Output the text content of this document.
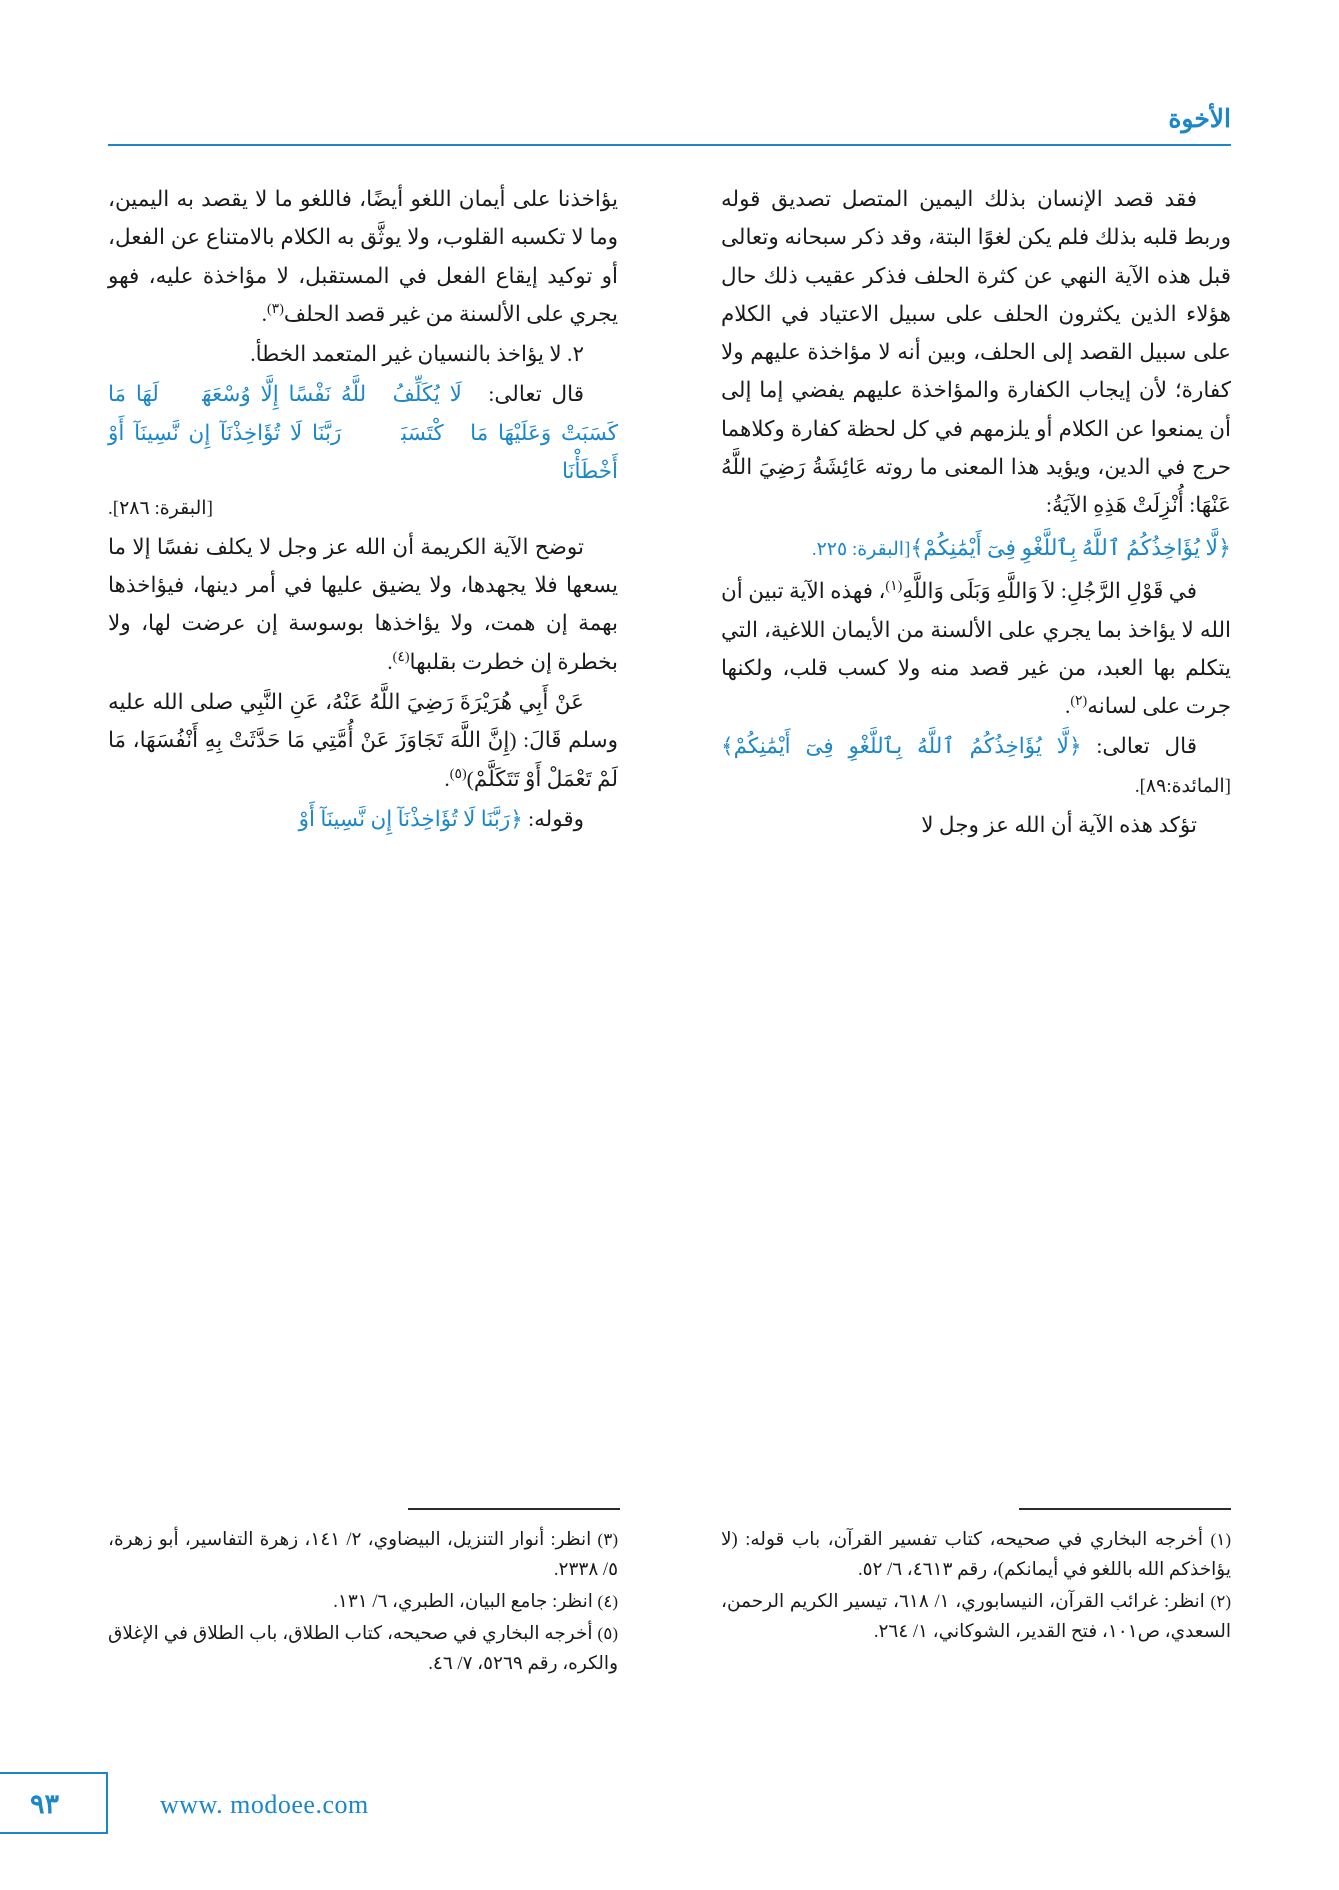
الأخوة

فقد قصد الإنسان بذلك اليمين المتصل تصديق قوله وربط قلبه بذلك فلم يكن لغوًا البتة، وقد ذكر سبحانه وتعالى قبل هذه الآية النهي عن كثرة الحلف فذكر عقيب ذلك حال هؤلاء الذين يكثرون الحلف على سبيل الاعتياد في الكلام على سبيل القصد إلى الحلف، وبين أنه لا مؤاخذة عليهم ولا كفارة؛ لأن إيجاب الكفارة والمؤاخذة عليهم يفضي إما إلى أن يمنعوا عن الكلام أو يلزمهم في كل لحظة كفارة وكلاهما حرج في الدين، ويؤيد هذا المعنى ما روته عَائِشَةُ رَضِيَ اللَّهُ عَنْهَا: أُنْزِلَتْ هَذِهِ الآيَةُ:

﴿لَّا يُؤَاخِذُكُمُ ٱللَّهُ بِٱللَّغْوِ فِىٓ أَيْمَٰنِكُمْ﴾[البقرة: ٢٢٥.

في قَوْلِ الرَّجُلِ: لاَ وَاللَّهِ وَبَلَى وَاللَّهِ$^{(١)}$، فهذه الآية تبين أن الله لا يؤاخذ بما يجري على الألسنة من الأيمان اللاغية، التي يتكلم بها العبد، من غير قصد منه ولا كسب قلب، ولكنها جرت على لسانه$^{(٢)}$.

قال تعالى: ﴿لَّا يُؤَاخِذُكُمُ ٱللَّهُ بِٱللَّغْوِ فِىٓ أَيْمَٰنِكُمْ﴾ [المائدة:٨٩].

تؤكد هذه الآية أن الله عز وجل لا

يؤاخذنا على أيمان اللغو أيضًا، فاللغو ما لا يقصد به اليمين، وما لا تكسبه القلوب، ولا يوثَّق به الكلام بالامتناع عن الفعل، أو توكيد إيقاع الفعل في المستقبل، لا مؤاخذة عليه، فهو يجري على الألسنة من غير قصد الحلف$^{(٣)}$.

٢. لا يؤاخذ بالنسيان غير المتعمد الخطأ.

قال تعالى: ﴿لَا يُكَلِّفُ ٱللَّهُ نَفْسًا إِلَّا وُسْعَهَاۚ لَهَا مَا كَسَبَتْ وَعَلَيْهَا مَا ٱكْتَسَبَتْۗ رَبَّنَا لَا تُؤَاخِذْنَآ إِن نَّسِينَآ أَوْ أَخْطَأْنَا﴾

[البقرة: ٢٨٦].

توضح الآية الكريمة أن الله عز وجل لا يكلف نفسًا إلا ما يسعها فلا يجهدها، ولا يضيق عليها في أمر دينها، فيؤاخذها بهمة إن همت، ولا يؤاخذها بوسوسة إن عرضت لها، ولا بخطرة إن خطرت بقلبها$^{(٤)}$.

عَنْ أَبِي هُرَيْرَةَ رَضِيَ اللَّهُ عَنْهُ، عَنِ النَّبِي صلى الله عليه وسلم قَالَ: (إِنَّ اللَّهَ تَجَاوَزَ عَنْ أُمَّتِي مَا حَدَّثَتْ بِهِ أَنْفُسَهَا، مَا لَمْ تَعْمَلْ أَوْ تَتَكَلَّمْ)$^{(٥)}$.

وقوله: ﴿رَبَّنَا لَا تُؤَاخِذْنَآ إِن نَّسِينَآ أَوْ

(١) أخرجه البخاري في صحيحه، كتاب تفسير القرآن، باب قوله: (لا يؤاخذكم الله باللغو في أيمانكم)، رقم ٤٦١٣، ٦/ ٥٢.

(٢) انظر: غرائب القرآن، النيسابوري، ١/ ٦١٨، تيسير الكريم الرحمن، السعدي، ص١٠١، فتح القدير، الشوكاني، ١/ ٢٦٤.

(٣) انظر: أنوار التنزيل، البيضاوي، ٢/ ١٤١، زهرة التفاسير، أبو زهرة، ٥/ ٢٣٣٨.

(٤) انظر: جامع البيان، الطبري، ٦/ ١٣١.

(٥) أخرجه البخاري في صحيحه، كتاب الطلاق، باب الطلاق في الإغلاق والكره، رقم ٥٢٦٩، ٧/ ٤٦.

٩٣	www. modoee.com
